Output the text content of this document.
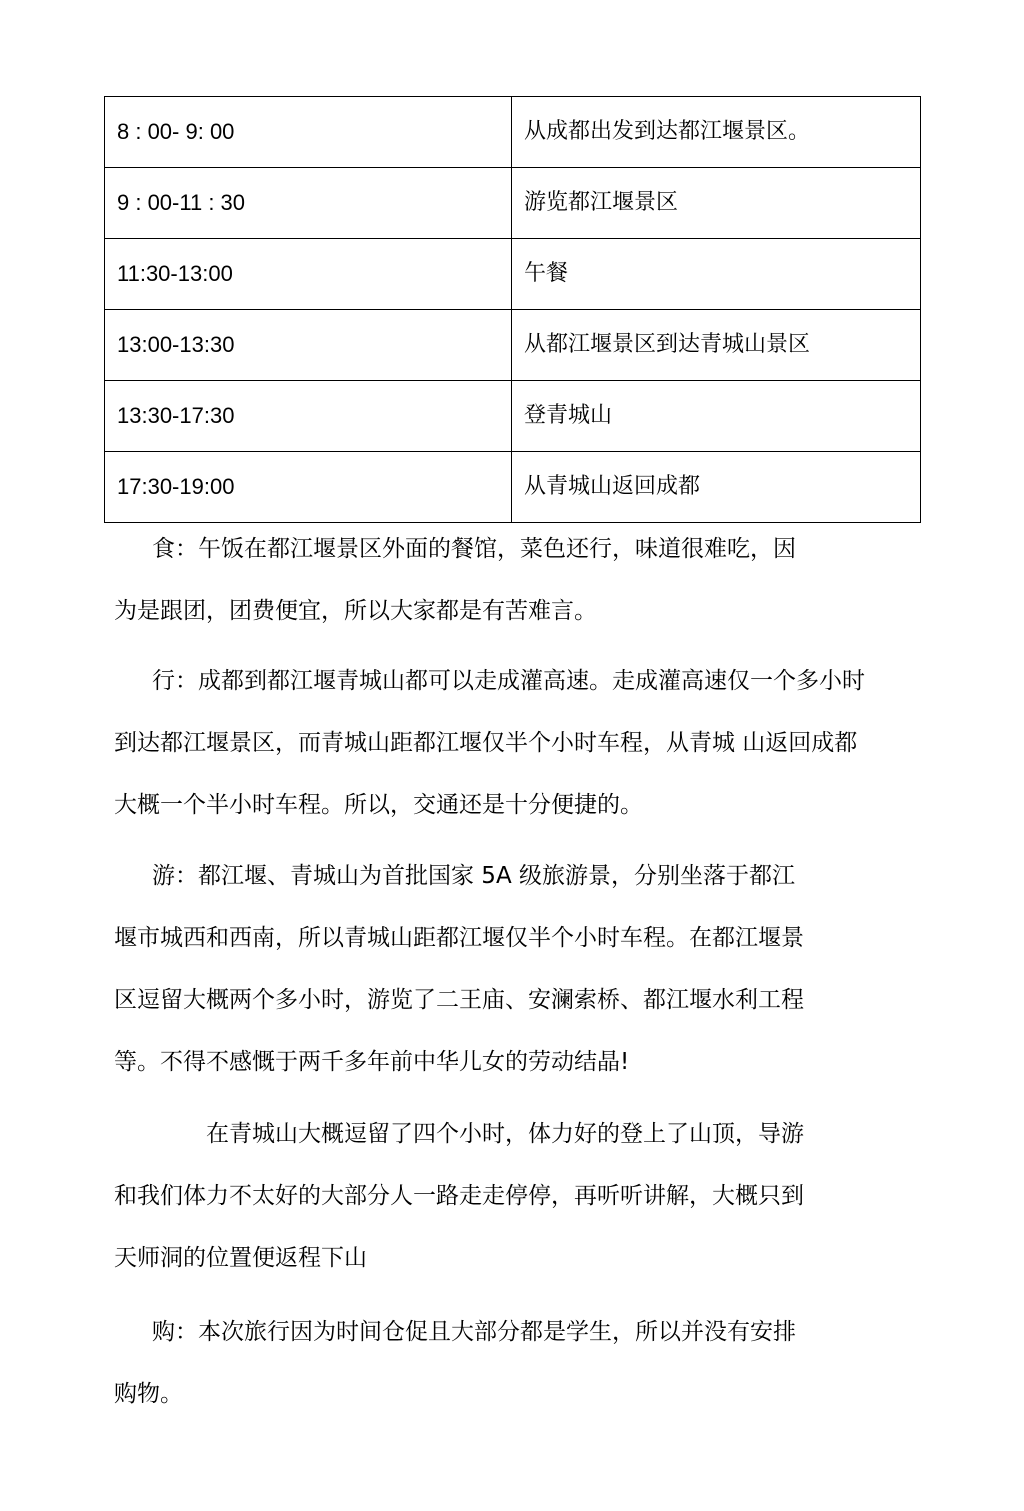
8 : 00- 9: 00	从成都出发到达都江堰景区。
9 : 00-11 : 30	游览都江堰景区
11:30-13:00	午餐
13:00-13:30	从都江堰景区到达青城山景区
13:30-17:30	登青城山
17:30-19:00	从青城山返回成都
食：午饭在都江堰景区外面的餐馆，菜色还行，味道很难吃，因
为是跟团，团费便宜，所以大家都是有苦难言。
行：成都到都江堰青城山都可以走成灌高速。走成灌高速仅一个多小时
到达都江堰景区，而青城山距都江堰仅半个小时车程，从青城 山返回成都
大概一个半小时车程。所以，交通还是十分便捷的。
游：都江堰、青城山为首批国家 5A 级旅游景，分别坐落于都江
堰市城西和西南，所以青城山距都江堰仅半个小时车程。在都江堰景
区逗留大概两个多小时，游览了二王庙、安澜索桥、都江堰水利工程
等。不得不感慨于两千多年前中华儿女的劳动结晶!
在青城山大概逗留了四个小时，体力好的登上了山顶，导游
和我们体力不太好的大部分人一路走走停停，再听听讲解，大概只到
天师洞的位置便返程下山
购：本次旅行因为时间仓促且大部分都是学生，所以并没有安排
购物。
